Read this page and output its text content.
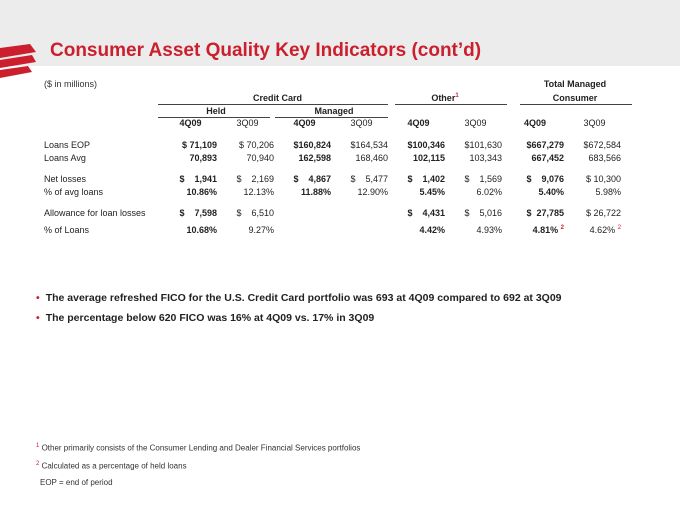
Consumer Asset Quality Key Indicators (cont’d)
($ in millions)	Total Managed
Credit Card	Other$^1$	Consumer
Held	Managed
	4Q09	3Q09	4Q09	3Q09	4Q09	3Q09	4Q09	3Q09

Loans EOP	$ 71,109	$ 70,206	$160,824	$164,534	$100,346	$101,630	$667,279	$672,584
Loans Avg	70,893	70,940	162,598	168,460	102,115	103,343	667,452	683,566

Net losses	$    1,941	$    2,169	$    4,867	$    5,477	$    1,402	$    1,569	$    9,076	$ 10,300
% of avg loans	10.86%	12.13%	11.88%	12.90%	5.45%	6.02%	5.40%	5.98%

Allowance for loan losses	$    7,598	$    6,510			$    4,431	$    5,016	$  27,785	$ 26,722

% of Loans	10.68%	9.27%			4.42%	4.93%	4.81% $^2$	4.62% $^2$
• The average refreshed FICO for the U.S. Credit Card portfolio was 693 at 4Q09 compared to 692 at 3Q09
• The percentage below 620 FICO was 16% at 4Q09 vs. 17% in 3Q09
$^1$ Other primarily consists of the Consumer Lending and Dealer Financial Services portfolios
$^2$ Calculated as a percentage of held loans
EOP = end of period
